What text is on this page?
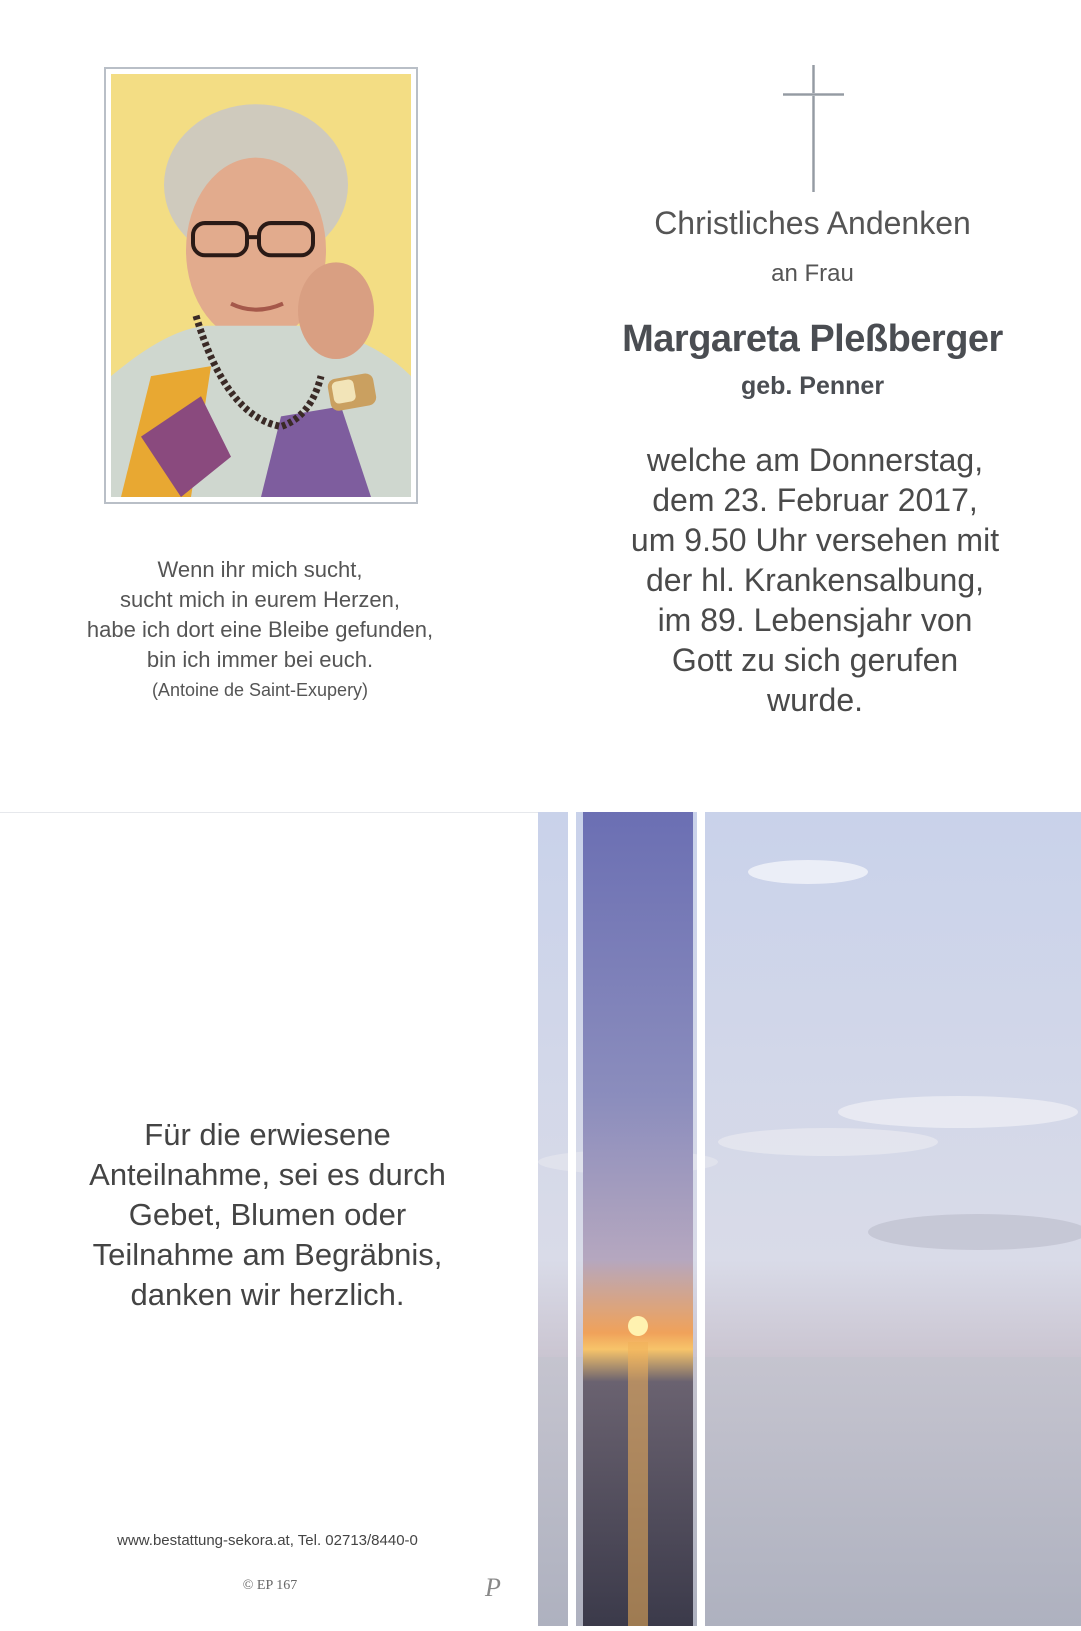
Wenn ihr mich sucht,
sucht mich in eurem Herzen,
habe ich dort eine Bleibe gefunden,
bin ich immer bei euch.
(Antoine de Saint-Exupery)
Christliches Andenken
an Frau
Margareta Pleßberger
geb. Penner
welche am Donnerstag,
dem 23. Februar 2017,
um 9.50 Uhr versehen mit
der hl. Krankensalbung,
im 89. Lebensjahr von
Gott zu sich gerufen
wurde.
Für die erwiesene
Anteilnahme, sei es durch
Gebet, Blumen oder
Teilnahme am Begräbnis,
danken wir herzlich.
www.bestattung-sekora.at, Tel. 02713/8440-0
© EP 167	P
